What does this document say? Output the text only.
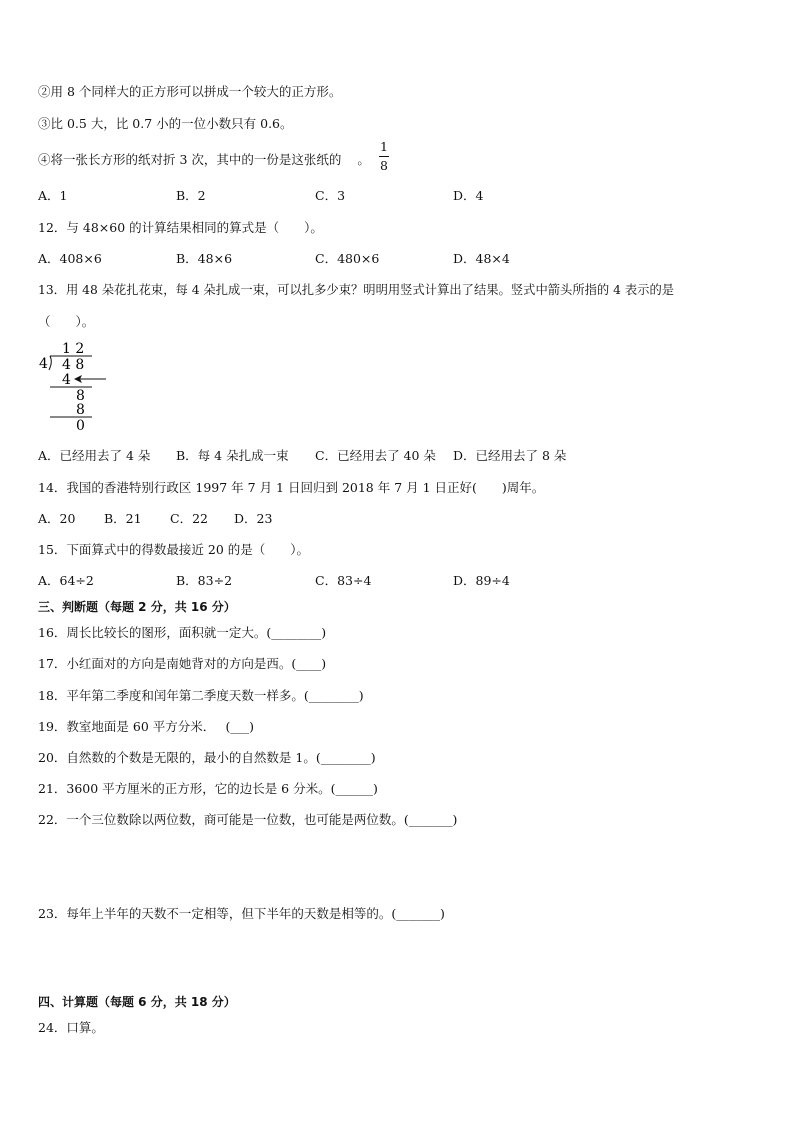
②用 8 个同样大的正方形可以拼成一个较大的正方形。
③比 0.5 大，比 0.7 小的一位小数只有 0.6。
④将一张长方形的纸对折 3 次，其中的一份是这张纸的 。
1
8
A．1	B．2	C．3	D．4
12．与 48×60 的计算结果相同的算式是（　　）。
A．408×6	B．48×6	C．480×6	D．48×4
13．用 48 朵花扎花束，每 4 朵扎成一束，可以扎多少束？明明用竖式计算出了结果。竖式中箭头所指的 4 表示的是
（　　）。
1 2
4 4 8
4
8
8
0
A．已经用去了 4 朵 B．每 4 朵扎成一束 C．已经用去了 40 朵 D．已经用去了 8 朵
14．我国的香港特别行政区 1997 年 7 月 1 日回归到 2018 年 7 月 1 日正好(　　)周年。
A．20 B．21 C．22 D．23
15．下面算式中的得数最接近 20 的是（　　）。
A．64÷2	B．83÷2	C．83÷4	D．89÷4
三、判断题（每题 2 分，共 16 分）
16．周长比较长的图形，面积就一定大。(________)
17．小红面对的方向是南她背对的方向是西。(____)
18．平年第二季度和闰年第二季度天数一样多。(________)
19．教室地面是 60 平方分米．　 (___)
20．自然数的个数是无限的，最小的自然数是 1。(________)
21．3600 平方厘米的正方形，它的边长是 6 分米。(______)
22．一个三位数除以两位数，商可能是一位数，也可能是两位数。(_______)
23．每年上半年的天数不一定相等，但下半年的天数是相等的。(_______)
四、计算题（每题 6 分，共 18 分）
24．口算。
